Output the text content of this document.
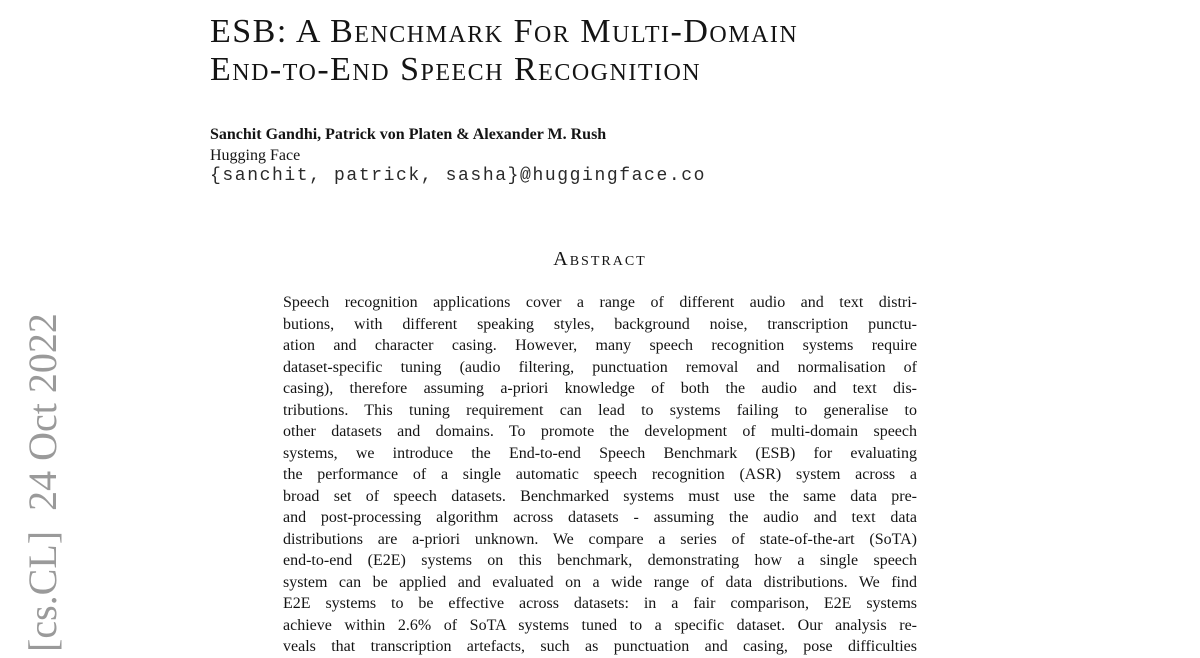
[cs.CL]  24 Oct 2022
ESB: A Benchmark For Multi-Domain
End-to-End Speech Recognition
Sanchit Gandhi, Patrick von Platen & Alexander M. Rush
Hugging Face
{sanchit, patrick, sasha}@huggingface.co
Abstract
Speech recognition applications cover a range of different audio and text distri-
butions, with different speaking styles, background noise, transcription punctu-
ation and character casing. However, many speech recognition systems require
dataset-specific tuning (audio filtering, punctuation removal and normalisation of
casing), therefore assuming a-priori knowledge of both the audio and text dis-
tributions. This tuning requirement can lead to systems failing to generalise to
other datasets and domains. To promote the development of multi-domain speech
systems, we introduce the End-to-end Speech Benchmark (ESB) for evaluating
the performance of a single automatic speech recognition (ASR) system across a
broad set of speech datasets. Benchmarked systems must use the same data pre-
and post-processing algorithm across datasets - assuming the audio and text data
distributions are a-priori unknown. We compare a series of state-of-the-art (SoTA)
end-to-end (E2E) systems on this benchmark, demonstrating how a single speech
system can be applied and evaluated on a wide range of data distributions. We find
E2E systems to be effective across datasets: in a fair comparison, E2E systems
achieve within 2.6% of SoTA systems tuned to a specific dataset. Our analysis re-
veals that transcription artefacts, such as punctuation and casing, pose difficulties
